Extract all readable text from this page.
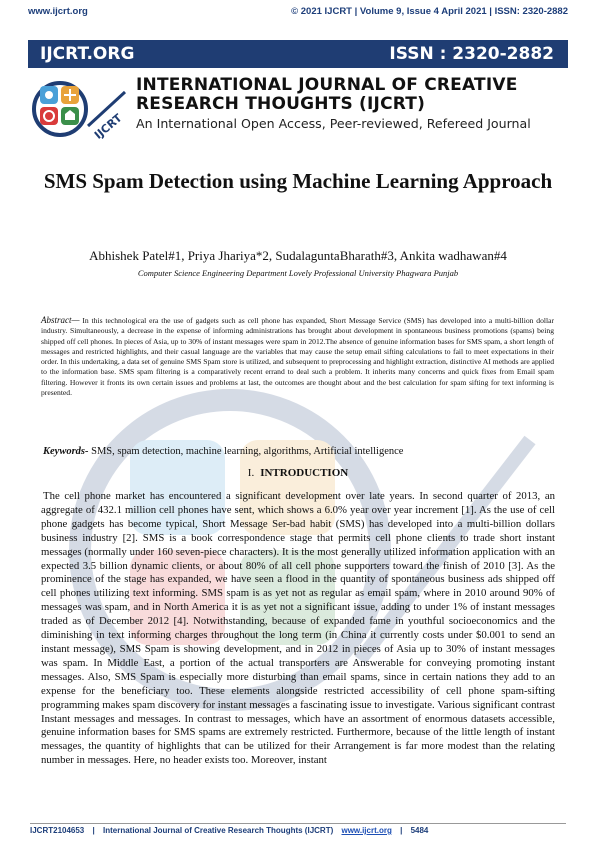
www.ijcrt.org	© 2021 IJCRT | Volume 9, Issue 4 April 2021 | ISSN: 2320-2882
IJCRT.ORG	ISSN : 2320-2882
IJCRT
INTERNATIONAL JOURNAL OF CREATIVE
RESEARCH THOUGHTS (IJCRT)
An International Open Access, Peer-reviewed, Refereed Journal
SMS Spam Detection using Machine Learning Approach
Abhishek Patel#1, Priya Jhariya*2, SudalaguntaBharath#3, Ankita wadhawan#4
Computer Science Engineering Department Lovely Professional University Phagwara Punjab
Abstract— In this technological era the use of gadgets such as cell phone has expanded, Short Message Service (SMS) has developed into a multi-billion dollar industry. Simultaneously, a decrease in the expense of informing administrations has brought about development in spontaneous business promotions (spams) being shipped off cell phones. In pieces of Asia, up to 30% of instant messages were spam in 2012.The absence of genuine information bases for SMS spam, a short length of messages and restricted highlights, and their casual language are the variables that may cause the setup email sifting calculations to fail to meet expectations in their order. In this undertaking, a data set of genuine SMS Spam store is utilized, and subsequent to preprocessing and highlight extraction, distinctive AI methods are applied to the information base. SMS spam filtering is a comparatively recent errand to deal such a problem. It inherits many concerns and quick fixes from Email spam filtering. However it fronts its own certain issues and problems at last, the outcomes are thought about and the best calculation for spam sifting for text informing is presented.
Keywords- SMS, spam detection, machine learning, algorithms, Artificial intelligence
I. INTRODUCTION
The cell phone market has encountered a significant development over late years. In second quarter of 2013, an aggregate of 432.1 million cell phones have sent, which shows a 6.0% year over year increment [1]. As the use of cell phone gadgets has become typical, Short Message Ser-bad habit (SMS) has developed into a multi-billion dollars business industry [2]. SMS is a book correspondence stage that permits cell phone clients to trade short instant messages (normally under 160 seven-piece characters). It is the most generally utilized information application with an expected 3.5 billion dynamic clients, or about 80% of all cell phone supporters toward the finish of 2010 [3]. As the prominence of the stage has expanded, we have seen a flood in the quantity of spontaneous business ads shipped off cell phones utilizing text informing. SMS spam is as yet not as regular as email spam, where in 2010 around 90% of messages was spam, and in North America it is as yet not a significant issue, adding to under 1% of instant messages traded as of December 2012 [4]. Notwithstanding, because of expanded fame in youthful socioeconomics and the diminishing in text informing charges throughout the long term (in China it currently costs under $0.001 to send an instant message), SMS Spam is showing development, and in 2012 in pieces of Asia up to 30% of instant messages was spam. In Middle East, a portion of the actual transporters are Answerable for conveying promoting instant messages. Also, SMS Spam is especially more disturbing than email spams, since in certain nations they add to an expense for the beneficiary too. These elements alongside restricted accessibility of cell phone spam-sifting programming makes spam discovery for instant messages a fascinating issue to investigate. Various significant contrast Instant messages and messages. In contrast to messages, which have an assortment of enormous datasets accessible, genuine information bases for SMS spams are extremely restricted. Furthermore, because of the little length of instant messages, the quantity of highlights that can be utilized for their Arrangement is far more modest than the relating number in messages. Here, no header exists too. Moreover, instant
IJCRT2104653 | International Journal of Creative Research Thoughts (IJCRT) www.ijcrt.org | 5484
